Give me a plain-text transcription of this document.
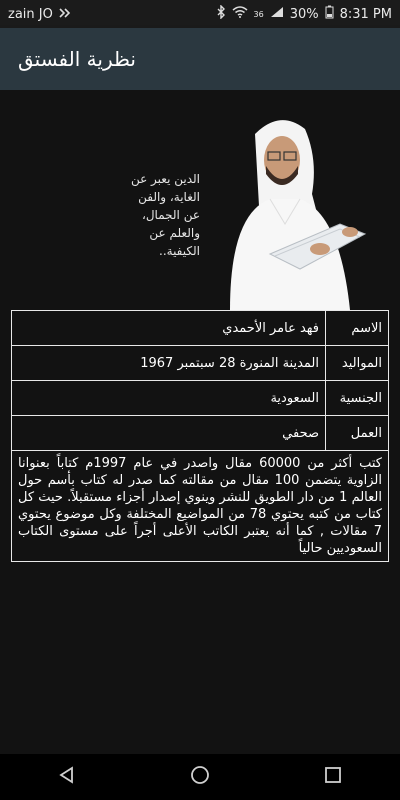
zain JO	36 30% 8:31 PM
نظرية الفستق
الدين يعبر عن الغاية، والفن عن الجمال، والعلم عن الكيفية..
الاسم	فهد عامر الأحمدي
المواليد	المدينة المنورة 28 سبتمبر 1967
الجنسية	السعودية
العمل	صحفي
كتب أكثر من 60000 مقال واصدر في عام 1997م كتاباً بعنوانا الزاوية يتضمن 100 مقال من مقالته كما صدر له كتاب بأسم حول العالم 1 من دار الطويق للنشر وينوي إصدار أجزاء مستقبلاً. حيث كل كتاب من كتبه يحتوي 78 من المواضيع المختلفة وكل موضوع يحتوي 7 مقالات , كما أنه يعتبر الكاتب الأعلى أجراً على مستوى الكتاب السعوديين حالياً	
